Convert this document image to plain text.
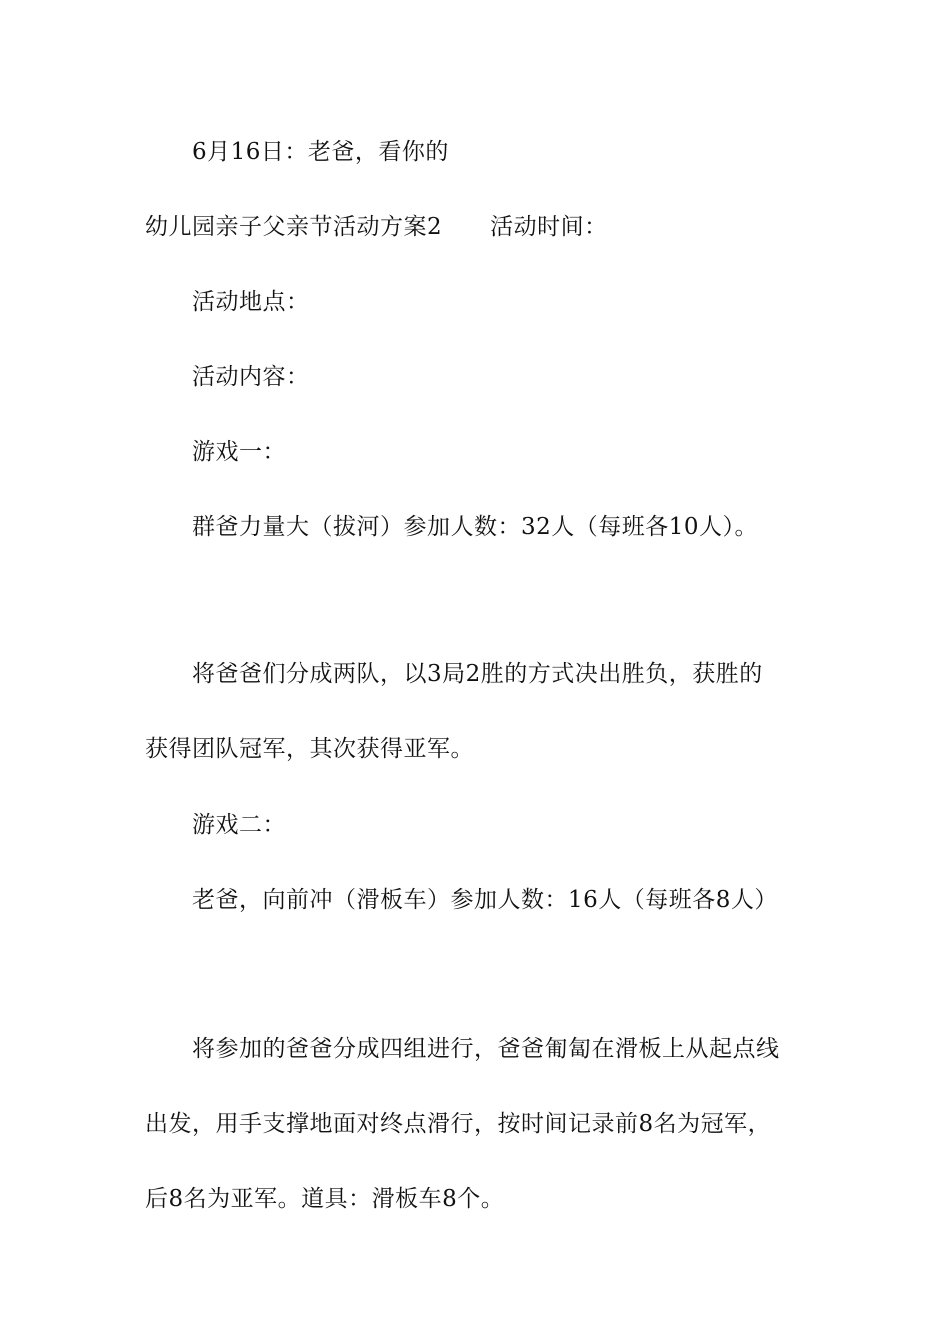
6月16日：老爸，看你的
幼儿园亲子父亲节活动方案2 活动时间：
活动地点：
活动内容：
游戏一：
群爸力量大（拔河）参加人数：32人（每班各10人）。
将爸爸们分成两队，以3局2胜的方式决出胜负，获胜的
获得团队冠军，其次获得亚军。
游戏二：
老爸，向前冲（滑板车）参加人数：16人（每班各8人）
将参加的爸爸分成四组进行，爸爸匍匐在滑板上从起点线
出发，用手支撑地面对终点滑行，按时间记录前8名为冠军，
后8名为亚军。道具：滑板车8个。
